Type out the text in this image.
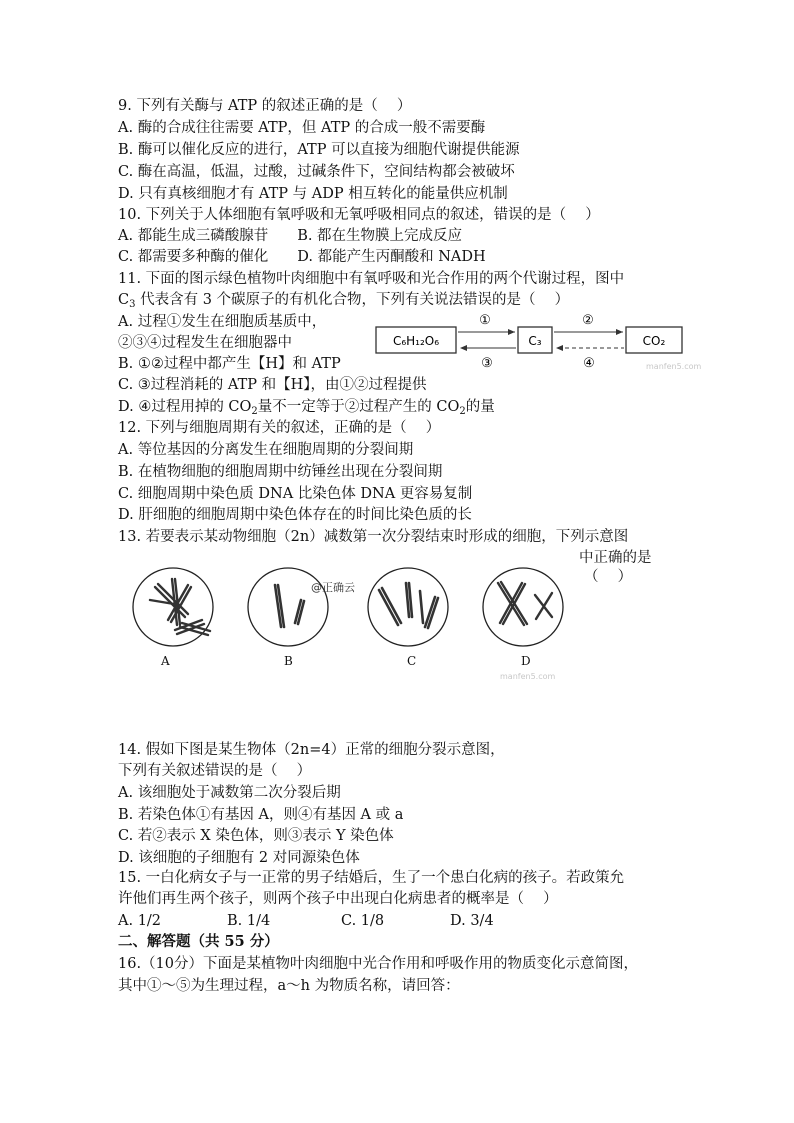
9. 下列有关酶与 ATP 的叙述正确的是（　 ）
A. 酶的合成往往需要 ATP，但 ATP 的合成一般不需要酶
B. 酶可以催化反应的进行，ATP 可以直接为细胞代谢提供能源
C. 酶在高温，低温，过酸，过碱条件下，空间结构都会被破坏
D. 只有真核细胞才有 ATP 与 ADP 相互转化的能量供应机制
10. 下列关于人体细胞有氧呼吸和无氧呼吸相同点的叙述，错误的是（　 ）
A. 都能生成三磷酸腺苷　　B. 都在生物膜上完成反应
C. 都需要多种酶的催化　　D. 都能产生丙酮酸和 NADH
11. 下面的图示绿色植物叶肉细胞中有氧呼吸和光合作用的两个代谢过程，图中
$C_3$ 代表含有 3 个碳原子的有机化合物，下列有关说法错误的是（　 ）
A. 过程①发生在细胞质基质中，
②③④过程发生在细胞器中
B. ①②过程中都产生【H】和 ATP
C. ③过程消耗的 ATP 和【H】，由①②过程提供
D. ④过程用掉的 $CO_2$量不一定等于②过程产生的 $CO_2$的量
C₆H₁₂O₆	C₃	CO₂
①	②
③	④	manfen5.com
12. 下列与细胞周期有关的叙述，正确的是（　 ）
A. 等位基因的分离发生在细胞周期的分裂间期
B. 在植物细胞的细胞周期中纺锤丝出现在分裂间期
C. 细胞周期中染色质 DNA 比染色体 DNA 更容易复制
D. 肝细胞的细胞周期中染色体存在的时间比染色质的长
13. 若要表示某动物细胞（2n）减数第一次分裂结束时形成的细胞，下列示意图
中正确的是
（　 ）
@正确云
A	B	C	D
manfen5.com
14. 假如下图是某生物体（2n=4）正常的细胞分裂示意图，
下列有关叙述错误的是（　 ）
A. 该细胞处于减数第二次分裂后期
B. 若染色体①有基因 A，则④有基因 A 或 a
C. 若②表示 X 染色体，则③表示 Y 染色体
D. 该细胞的子细胞有 2 对同源染色体
15. 一白化病女子与一正常的男子结婚后，生了一个患白化病的孩子。若政策允
许他们再生两个孩子，则两个孩子中出现白化病患者的概率是（　 ）
A. 1/2	B. 1/4	C. 1/8	D. 3/4
二、解答题（共 55 分）
16.（10分）下面是某植物叶肉细胞中光合作用和呼吸作用的物质变化示意简图，
其中①～⑤为生理过程，a～h 为物质名称，请回答：
